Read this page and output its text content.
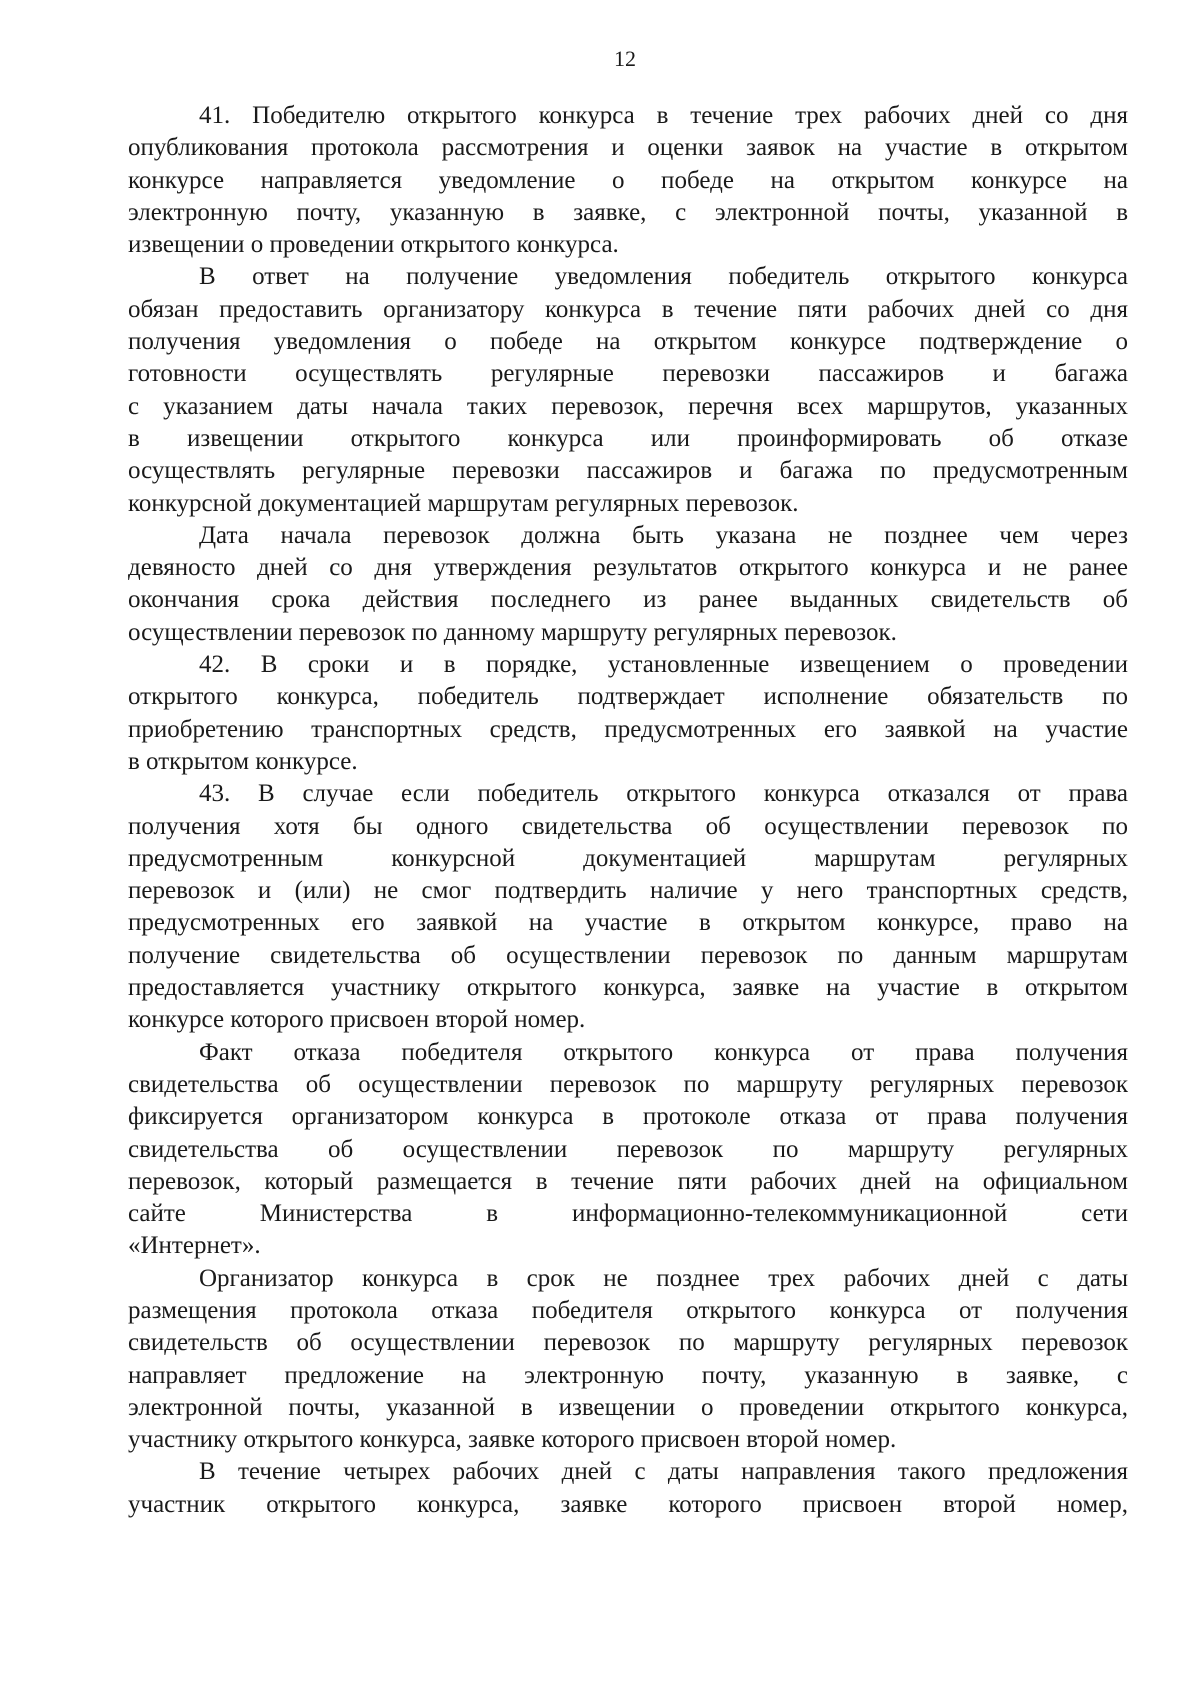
12

41. Победителю открытого конкурса в течение трех рабочих дней со дня
опубликования протокола рассмотрения и оценки заявок на участие в открытом
конкурсе направляется уведомление о победе на открытом конкурсе на
электронную почту, указанную в заявке, с электронной почты, указанной в
извещении о проведении открытого конкурса.

В ответ на получение уведомления победитель открытого конкурса
обязан предоставить организатору конкурса в течение пяти рабочих дней со дня
получения уведомления о победе на открытом конкурсе подтверждение о
готовности осуществлять регулярные перевозки пассажиров и багажа
с указанием даты начала таких перевозок, перечня всех маршрутов, указанных
в извещении открытого конкурса или проинформировать об отказе
осуществлять регулярные перевозки пассажиров и багажа по предусмотренным
конкурсной документацией маршрутам регулярных перевозок.

Дата начала перевозок должна быть указана не позднее чем через
девяносто дней со дня утверждения результатов открытого конкурса и не ранее
окончания срока действия последнего из ранее выданных свидетельств об
осуществлении перевозок по данному маршруту регулярных перевозок.

42. В сроки и в порядке, установленные извещением о проведении
открытого конкурса, победитель подтверждает исполнение обязательств по
приобретению транспортных средств, предусмотренных его заявкой на участие
в открытом конкурсе.

43. В случае если победитель открытого конкурса отказался от права
получения хотя бы одного свидетельства об осуществлении перевозок по
предусмотренным конкурсной документацией маршрутам регулярных
перевозок и (или) не смог подтвердить наличие у него транспортных средств,
предусмотренных его заявкой на участие в открытом конкурсе, право на
получение свидетельства об осуществлении перевозок по данным маршрутам
предоставляется участнику открытого конкурса, заявке на участие в открытом
конкурсе которого присвоен второй номер.

Факт отказа победителя открытого конкурса от права получения
свидетельства об осуществлении перевозок по маршруту регулярных перевозок
фиксируется организатором конкурса в протоколе отказа от права получения
свидетельства об осуществлении перевозок по маршруту регулярных
перевозок, который размещается в течение пяти рабочих дней на официальном
сайте Министерства в информационно-телекоммуникационной сети
«Интернет».

Организатор конкурса в срок не позднее трех рабочих дней с даты
размещения протокола отказа победителя открытого конкурса от получения
свидетельств об осуществлении перевозок по маршруту регулярных перевозок
направляет предложение на электронную почту, указанную в заявке, с
электронной почты, указанной в извещении о проведении открытого конкурса,
участнику открытого конкурса, заявке которого присвоен второй номер.

В течение четырех рабочих дней с даты направления такого предложения
участник открытого конкурса, заявке которого присвоен второй номер,
